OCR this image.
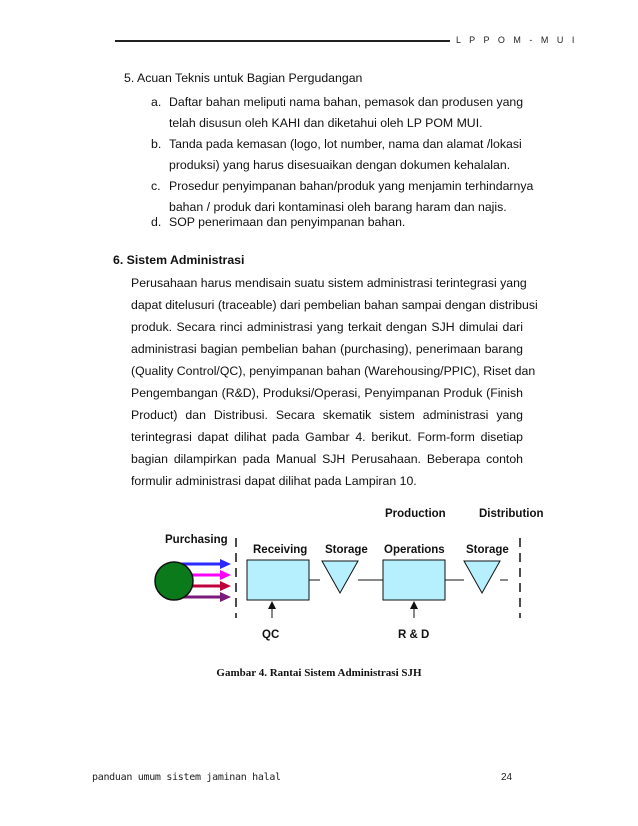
L P P O M - M U I
5. Acuan Teknis untuk Bagian Pergudangan
a. Daftar bahan meliputi nama bahan, pemasok dan produsen yang
telah disusun oleh KAHI dan diketahui oleh LP POM MUI.
b. Tanda pada kemasan (logo, lot number, nama dan alamat /lokasi
produksi) yang harus disesuaikan dengan dokumen kehalalan.
c. Prosedur penyimpanan bahan/produk yang menjamin terhindarnya
bahan / produk dari kontaminasi oleh barang haram dan najis.
d. SOP penerimaan dan penyimpanan bahan.
6. Sistem Administrasi
Perusahaan harus mendisain suatu sistem administrasi terintegrasi yang
dapat ditelusuri (traceable) dari pembelian bahan sampai dengan distribusi
produk. Secara rinci administrasi yang terkait dengan SJH dimulai dari
administrasi bagian pembelian bahan (purchasing), penerimaan barang
(Quality Control/QC), penyimpanan bahan (Warehousing/PPIC), Riset dan
Pengembangan (R&D), Produksi/Operasi, Penyimpanan Produk (Finish
Product) dan Distribusi. Secara skematik sistem administrasi yang
terintegrasi dapat dilihat pada Gambar 4. berikut. Form-form disetiap
bagian dilampirkan pada Manual SJH Perusahaan. Beberapa contoh
formulir administrasi dapat dilihat pada Lampiran 10.
Production	Distribution
Purchasing
Receiving Storage Operations Storage
QC	R & D
Gambar 4. Rantai Sistem Administrasi SJH
panduan umum sistem jaminan halal	24
